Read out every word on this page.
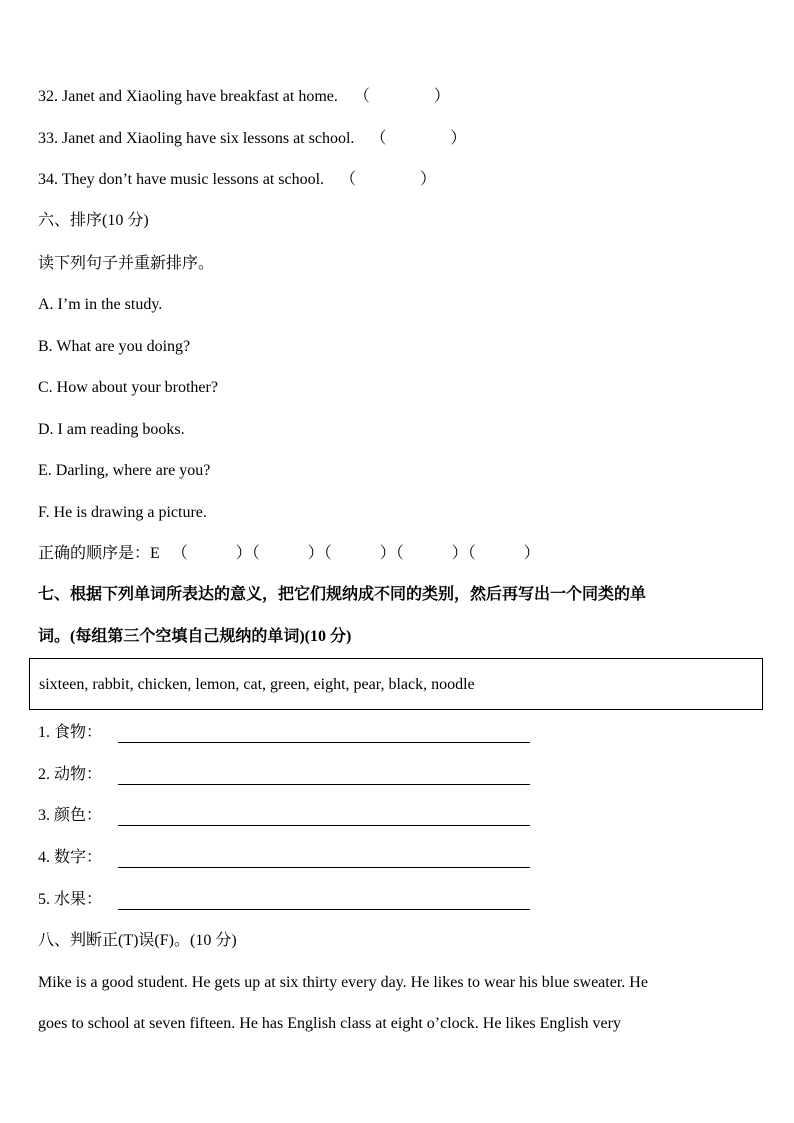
32. Janet and Xiaoling have breakfast at home. （　　　　）
33. Janet and Xiaoling have six lessons at school. （　　　　）
34. They don’t have music lessons at school. （　　　　）
六、排序(10 分)
读下列句子并重新排序。
A. I’m in the study.
B. What are you doing?
C. How about your brother?
D. I am reading books.
E. Darling, where are you?
F. He is drawing a picture.
正确的顺序是：E （　　　）（　　　）（　　　）（　　　）（　　　）
七、根据下列单词所表达的意义，把它们规纳成不同的类别，然后再写出一个同类的单
词。(每组第三个空填自己规纳的单词)(10 分)
sixteen, rabbit, chicken, lemon, cat, green, eight, pear, black, noodle
1. 食物：
2. 动物：
3. 颜色：
4. 数字：
5. 水果：
八、判断正(T)误(F)。(10 分)
Mike is a good student. He gets up at six thirty every day. He likes to wear his blue sweater. He
goes to school at seven fifteen. He has English class at eight o’clock. He likes English very
